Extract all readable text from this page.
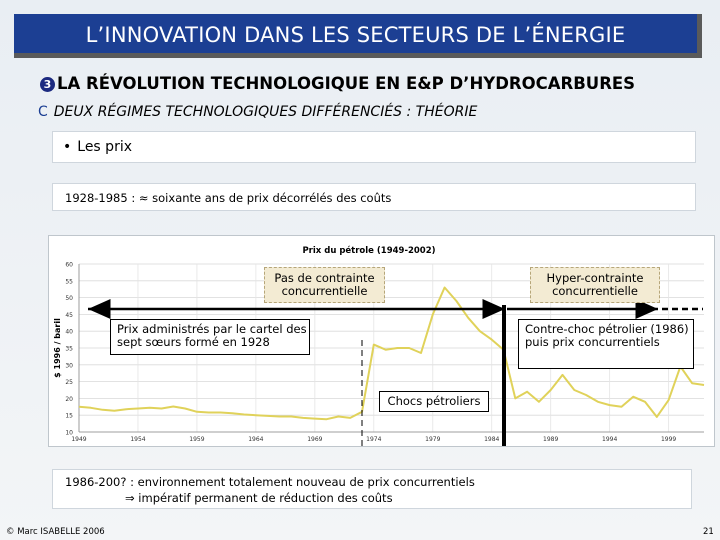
L’INNOVATION DANS LES SECTEURS DE L’ÉNERGIE
3 LA RÉVOLUTION TECHNOLOGIQUE EN E&P D’HYDROCARBURES
C DEUX RÉGIMES TECHNOLOGIQUES DIFFÉRENCIÉS : THÉORIE
• Les prix
1928-1985 : ≈ soixante ans de prix décorrélés des coûts
10
15
20
25
30
35
40
45
50
55
60
1949	1954	1959	1964	1969	1974	1979	1984	1989	1994	1999
Prix du pétrole (1949-2002)
$ 1996 / baril
Pas de contrainte concurrentielle
Hyper-contrainte concurrentielle
Prix administrés par le cartel des sept sœurs formé en 1928
Contre-choc pétrolier (1986) puis prix concurrentiels
Chocs pétroliers
1986-200? : environnement totalement nouveau de prix concurrentiels
⇒ impératif permanent de réduction des coûts
© Marc ISABELLE 2006	21
